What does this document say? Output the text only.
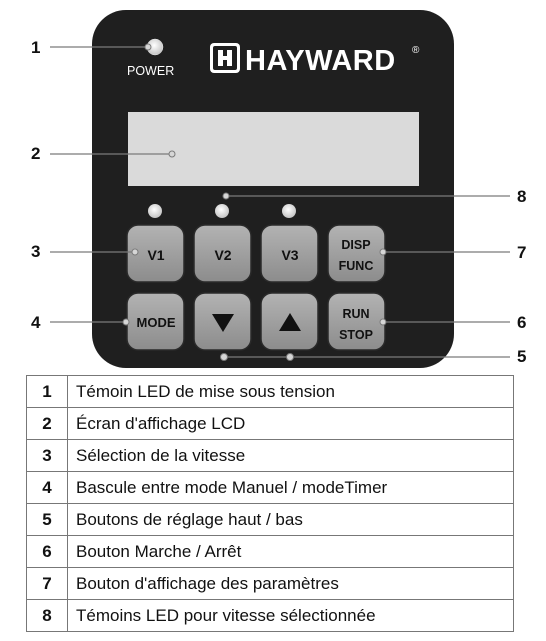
POWER HAYWARD ®
V1	V2	V3
DISP
FUNC
MODE
RUN
STOP
1
2
3
4
5
6
7
8
1	Témoin LED de mise sous tension
2	Écran d'affichage LCD
3	Sélection de la vitesse
4	Bascule entre mode Manuel / modeTimer
5	Boutons de réglage haut / bas
6	Bouton Marche / Arrêt
7	Bouton d'affichage des paramètres
8	Témoins LED pour vitesse sélectionnée
